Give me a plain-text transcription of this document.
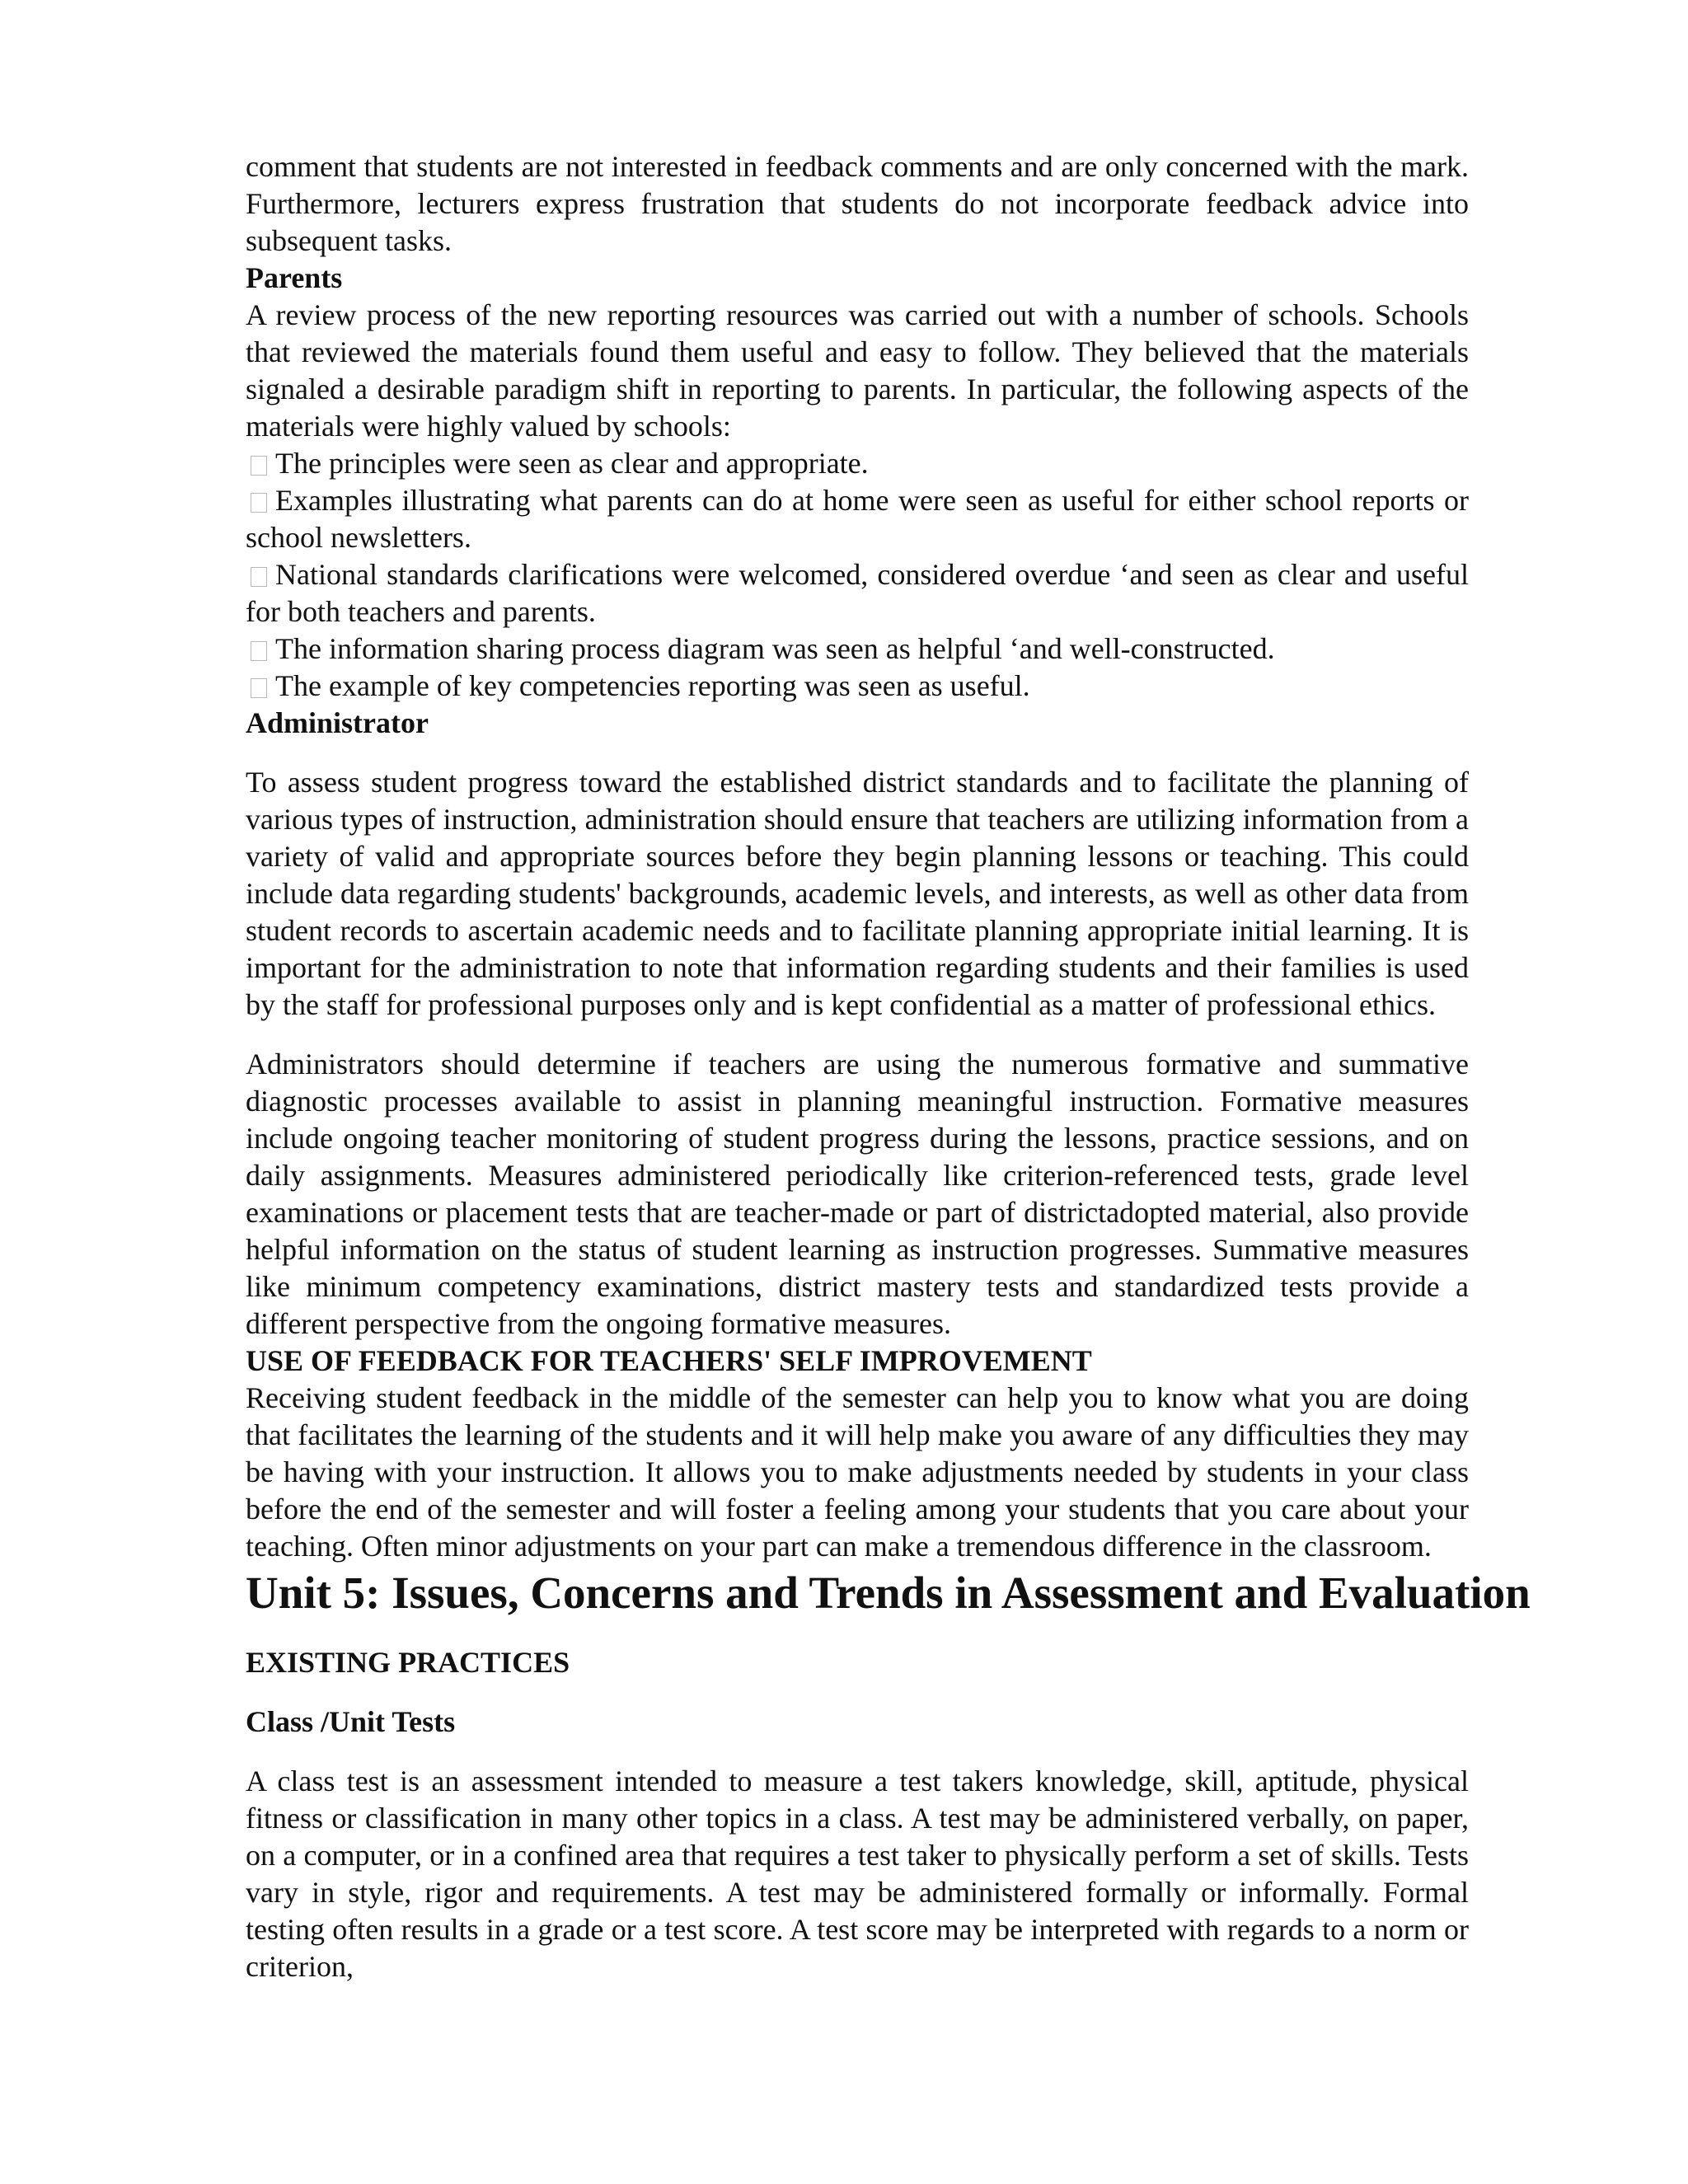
comment that students are not interested in feedback comments and are only concerned with the mark. Furthermore, lecturers express frustration that students do not incorporate feedback advice into subsequent tasks.

Parents

A review process of the new reporting resources was carried out with a number of schools. Schools that reviewed the materials found them useful and easy to follow. They believed that the materials signaled a desirable paradigm shift in reporting to parents. In particular, the following aspects of the materials were highly valued by schools:

The principles were seen as clear and appropriate.

Examples illustrating what parents can do at home were seen as useful for either school reports or school newsletters.

National standards clarifications were welcomed, considered overdue ‘and seen as clear and useful for both teachers and parents.

The information sharing process diagram was seen as helpful ‘and well-constructed.

The example of key competencies reporting was seen as useful.

Administrator

To assess student progress toward the established district standards and to facilitate the planning of various types of instruction, administration should ensure that teachers are utilizing information from a variety of valid and appropriate sources before they begin planning lessons or teaching. This could include data regarding students' backgrounds, academic levels, and interests, as well as other data from student records to ascertain academic needs and to facilitate planning appropriate initial learning. It is important for the administration to note that information regarding students and their families is used by the staff for professional purposes only and is kept confidential as a matter of professional ethics.

Administrators should determine if teachers are using the numerous formative and summative diagnostic processes available to assist in planning meaningful instruction. Formative measures include ongoing teacher monitoring of student progress during the lessons, practice sessions, and on daily assignments. Measures administered periodically like criterion-referenced tests, grade level examinations or placement tests that are teacher-made or part of districtadopted material, also provide helpful information on the status of student learning as instruction progresses. Summative measures like minimum competency examinations, district mastery tests and standardized tests provide a different perspective from the ongoing formative measures.

USE OF FEEDBACK FOR TEACHERS' SELF IMPROVEMENT

Receiving student feedback in the middle of the semester can help you to know what you are doing that facilitates the learning of the students and it will help make you aware of any difficulties they may be having with your instruction. It allows you to make adjustments needed by students in your class before the end of the semester and will foster a feeling among your students that you care about your teaching. Often minor adjustments on your part can make a tremendous difference in the classroom.

Unit 5: Issues, Concerns and Trends in Assessment and Evaluation
EXISTING PRACTICES
Class /Unit Tests

A class test is an assessment intended to measure a test takers knowledge, skill, aptitude, physical fitness or classification in many other topics in a class. A test may be administered verbally, on paper, on a computer, or in a confined area that requires a test taker to physically perform a set of skills. Tests vary in style, rigor and requirements. A test may be administered formally or informally. Formal testing often results in a grade or a test score. A test score may be interpreted with regards to a norm or criterion,
